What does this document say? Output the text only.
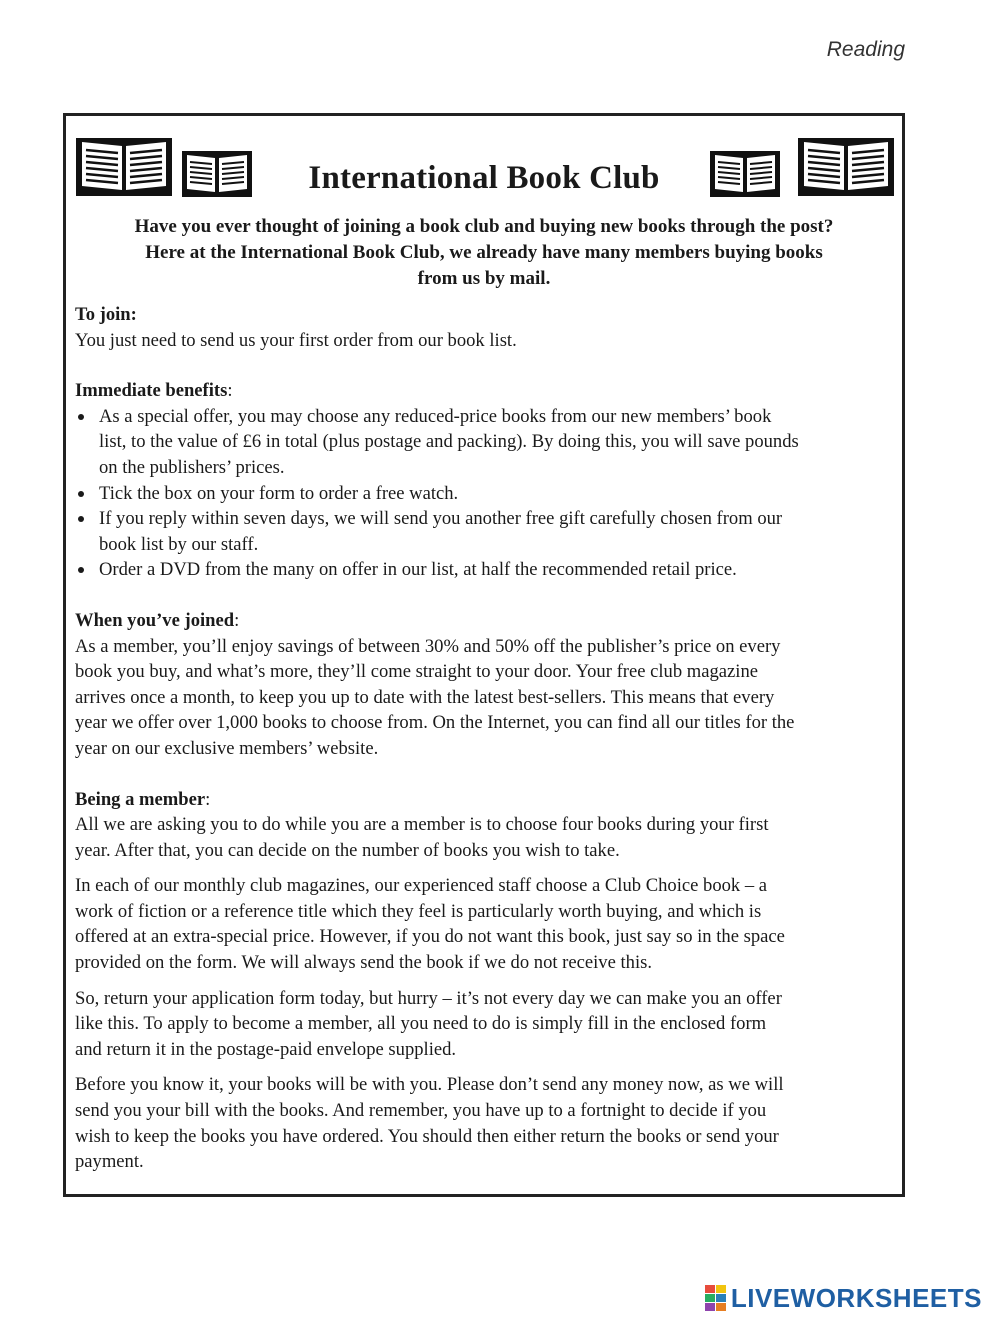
Reading
International Book Club
Have you ever thought of joining a book club and buying new books through the post?
Here at the International Book Club, we already have many members buying books
from us by mail.
To join:

You just need to send us your first order from our book list.

Immediate benefits:
As a special offer, you may choose any reduced-price books from our new members’ book
list, to the value of £6 in total (plus postage and packing). By doing this, you will save pounds
on the publishers’ prices.
Tick the box on your form to order a free watch.
If you reply within seven days, we will send you another free gift carefully chosen from our
book list by our staff.
Order a DVD from the many on offer in our list, at half the recommended retail price.
When you’ve joined:

As a member, you’ll enjoy savings of between 30% and 50% off the publisher’s price on every
book you buy, and what’s more, they’ll come straight to your door. Your free club magazine
arrives once a month, to keep you up to date with the latest best-sellers. This means that every
year we offer over 1,000 books to choose from. On the Internet, you can find all our titles for the
year on our exclusive members’ website.

Being a member:

All we are asking you to do while you are a member is to choose four books during your first
year. After that, you can decide on the number of books you wish to take.

In each of our monthly club magazines, our experienced staff choose a Club Choice book – a
work of fiction or a reference title which they feel is particularly worth buying, and which is
offered at an extra-special price. However, if you do not want this book, just say so in the space
provided on the form. We will always send the book if we do not receive this.

So, return your application form today, but hurry – it’s not every day we can make you an offer
like this. To apply to become a member, all you need to do is simply fill in the enclosed form
and return it in the postage-paid envelope supplied.

Before you know it, your books will be with you. Please don’t send any money now, as we will
send you your bill with the books. And remember, you have up to a fortnight to decide if you
wish to keep the books you have ordered. You should then either return the books or send your
payment.

LIVEWORKSHEETS
